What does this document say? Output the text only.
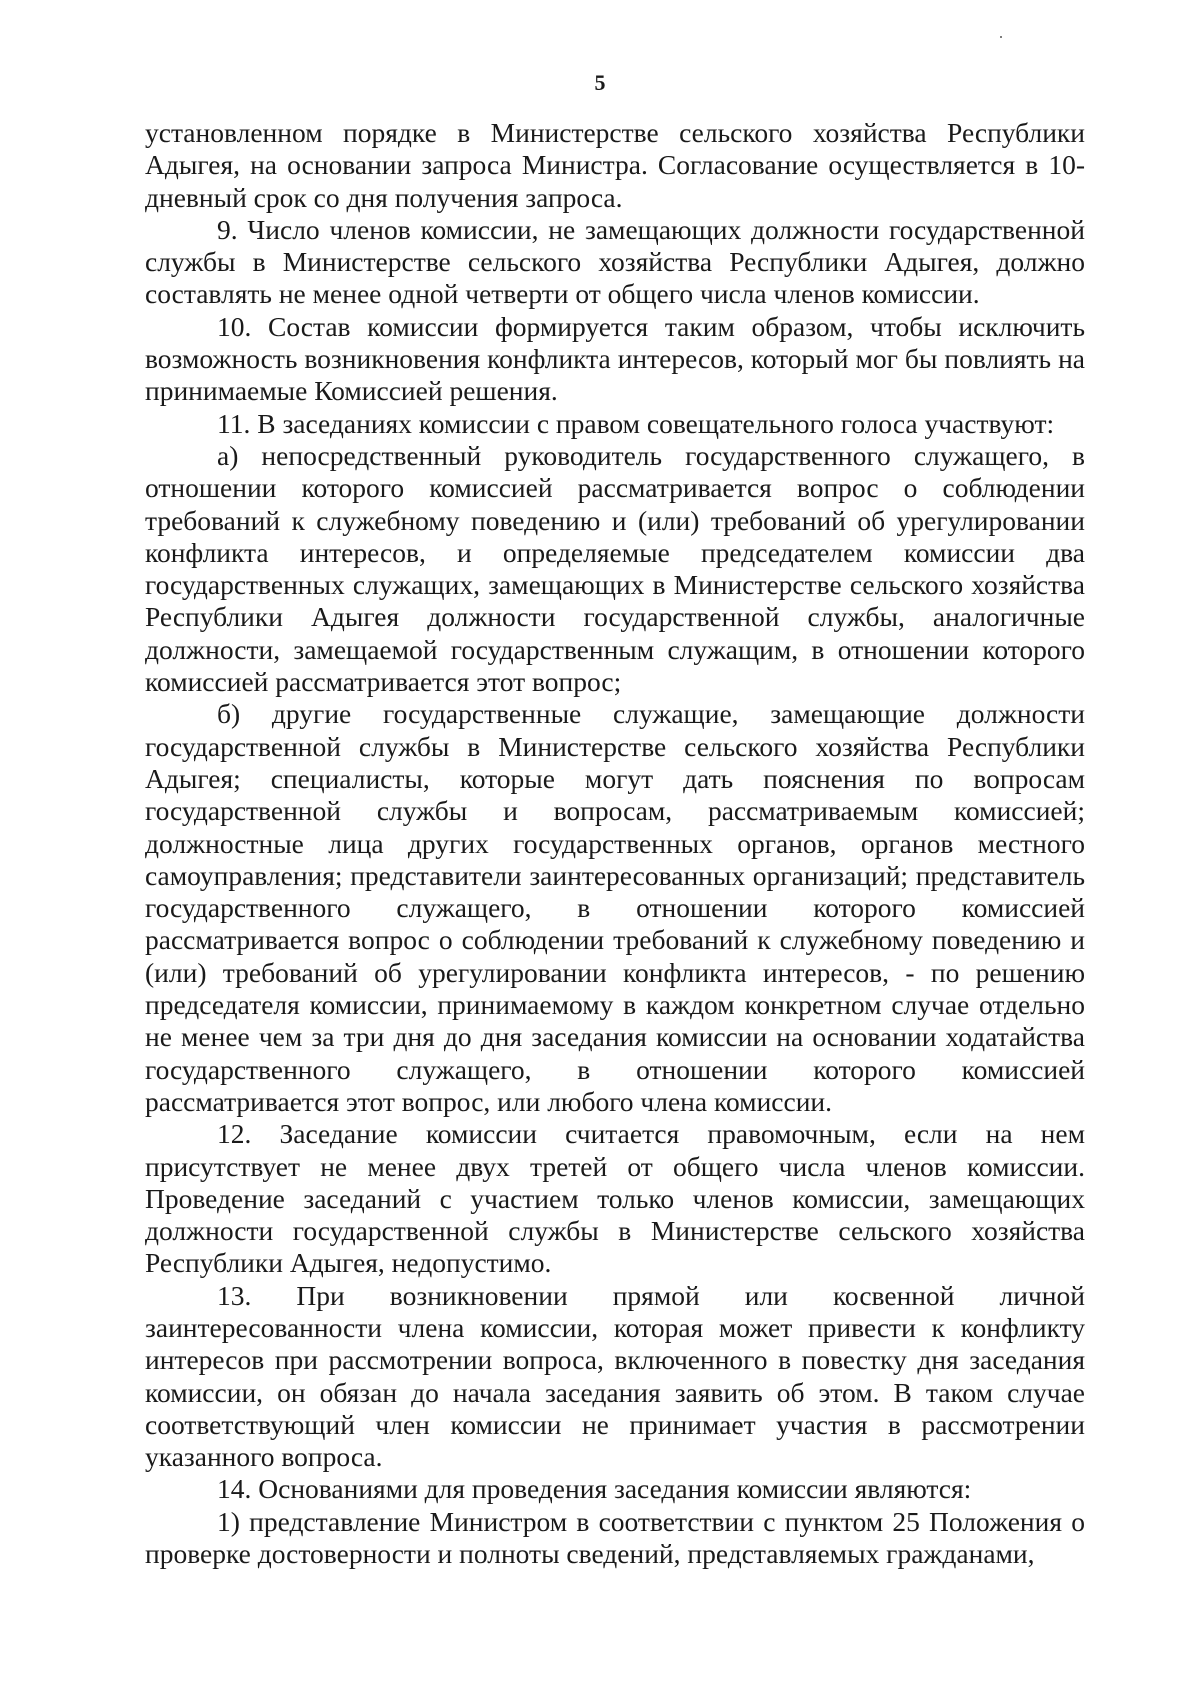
5

установленном порядке в Министерстве сельского хозяйства Республики Адыгея, на основании запроса Министра. Согласование осуществляется в 10-дневный срок со дня получения запроса.

9. Число членов комиссии, не замещающих должности государственной службы в Министерстве сельского хозяйства Республики Адыгея, должно составлять не менее одной четверти от общего числа членов комиссии.

10. Состав комиссии формируется таким образом, чтобы исключить возможность возникновения конфликта интересов, который мог бы повлиять на принимаемые Комиссией решения.

11. В заседаниях комиссии с правом совещательного голоса участвуют:

а) непосредственный руководитель государственного служащего, в отношении которого комиссией рассматривается вопрос о соблюдении требований к служебному поведению и (или) требований об урегулировании конфликта интересов, и определяемые председателем комиссии два государственных служащих, замещающих в Министерстве сельского хозяйства Республики Адыгея должности государственной службы, аналогичные должности, замещаемой государственным служащим, в отношении которого комиссией рассматривается этот вопрос;

б) другие государственные служащие, замещающие должности государственной службы в Министерстве сельского хозяйства Республики Адыгея; специалисты, которые могут дать пояснения по вопросам государственной службы и вопросам, рассматриваемым комиссией; должностные лица других государственных органов, органов местного самоуправления; представители заинтересованных организаций; представитель государственного служащего, в отношении которого комиссией рассматривается вопрос о соблюдении требований к служебному поведению и (или) требований об урегулировании конфликта интересов, - по решению председателя комиссии, принимаемому в каждом конкретном случае отдельно не менее чем за три дня до дня заседания комиссии на основании ходатайства государственного служащего, в отношении которого комиссией рассматривается этот вопрос, или любого члена комиссии.

12. Заседание комиссии считается правомочным, если на нем присутствует не менее двух третей от общего числа членов комиссии. Проведение заседаний с участием только членов комиссии, замещающих должности государственной службы в Министерстве сельского хозяйства Республики Адыгея, недопустимо.

13. При возникновении прямой или косвенной личной заинтересованности члена комиссии, которая может привести к конфликту интересов при рассмотрении вопроса, включенного в повестку дня заседания комиссии, он обязан до начала заседания заявить об этом. В таком случае соответствующий член комиссии не принимает участия в рассмотрении указанного вопроса.

14. Основаниями для проведения заседания комиссии являются:

1) представление Министром в соответствии с пунктом 25 Положения о проверке достоверности и полноты сведений, представляемых гражданами,
